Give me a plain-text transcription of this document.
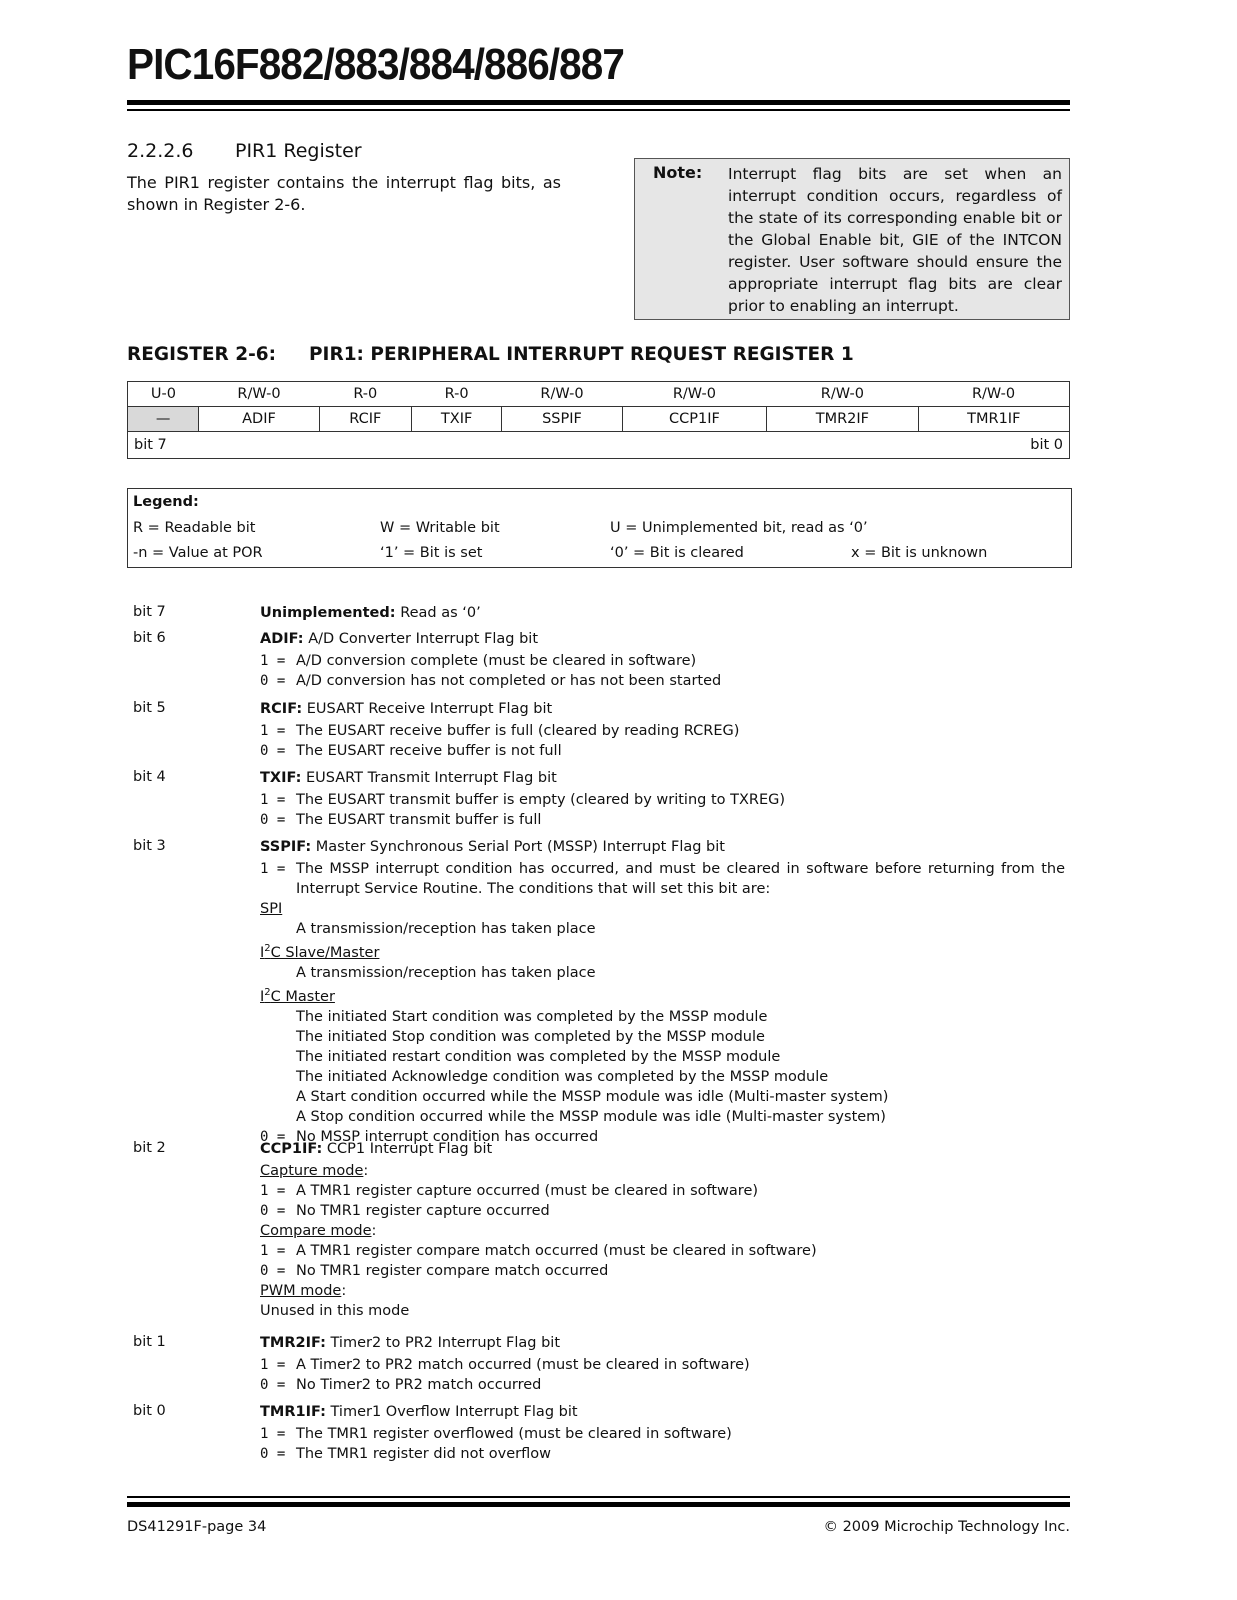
PIC16F882/883/884/886/887
2.2.2.6 PIR1 Register
The PIR1 register contains the interrupt flag bits, as shown in Register 2-6.
Note: Interrupt flag bits are set when an interrupt condition occurs, regardless of the state of its corresponding enable bit or the Global Enable bit, GIE of the INTCON register. User software should ensure the appropriate interrupt flag bits are clear prior to enabling an interrupt.
REGISTER 2-6: PIR1: PERIPHERAL INTERRUPT REQUEST REGISTER 1
U-0	R/W-0	R-0	R-0	R/W-0	R/W-0	R/W-0	R/W-0
—	ADIF	RCIF	TXIF	SSPIF	CCP1IF	TMR2IF	TMR1IF
bit 7 bit 0							
Legend:
R = Readable bit	W = Writable bit	U = Unimplemented bit, read as ‘0’
-n = Value at POR	‘1’ = Bit is set	‘0’ = Bit is cleared	x = Bit is unknown
bit 7	Unimplemented: Read as ‘0’
bit 6	ADIF: A/D Converter Interrupt Flag bit
1 = A/D conversion complete (must be cleared in software)
0 = A/D conversion has not completed or has not been started
bit 5	RCIF: EUSART Receive Interrupt Flag bit
1 = The EUSART receive buffer is full (cleared by reading RCREG)
0 = The EUSART receive buffer is not full
bit 4	TXIF: EUSART Transmit Interrupt Flag bit
1 = The EUSART transmit buffer is empty (cleared by writing to TXREG)
0 = The EUSART transmit buffer is full
bit 3	SSPIF: Master Synchronous Serial Port (MSSP) Interrupt Flag bit
1 = The MSSP interrupt condition has occurred, and must be cleared in software before returning from the
Interrupt Service Routine. The conditions that will set this bit are:
SPI
A transmission/reception has taken place
$I^2C$ Slave/Master
A transmission/reception has taken place
$I^2C$ Master
The initiated Start condition was completed by the MSSP module
The initiated Stop condition was completed by the MSSP module
The initiated restart condition was completed by the MSSP module
The initiated Acknowledge condition was completed by the MSSP module
A Start condition occurred while the MSSP module was idle (Multi-master system)
A Stop condition occurred while the MSSP module was idle (Multi-master system)
0 = No MSSP interrupt condition has occurred
bit 2	CCP1IF: CCP1 Interrupt Flag bit
Capture mode:
1 = A TMR1 register capture occurred (must be cleared in software)
0 = No TMR1 register capture occurred
Compare mode:
1 = A TMR1 register compare match occurred (must be cleared in software)
0 = No TMR1 register compare match occurred
PWM mode:
Unused in this mode
bit 1	TMR2IF: Timer2 to PR2 Interrupt Flag bit
1 = A Timer2 to PR2 match occurred (must be cleared in software)
0 = No Timer2 to PR2 match occurred
bit 0	TMR1IF: Timer1 Overflow Interrupt Flag bit
1 = The TMR1 register overflowed (must be cleared in software)
0 = The TMR1 register did not overflow
DS41291F-page 34	© 2009 Microchip Technology Inc.
